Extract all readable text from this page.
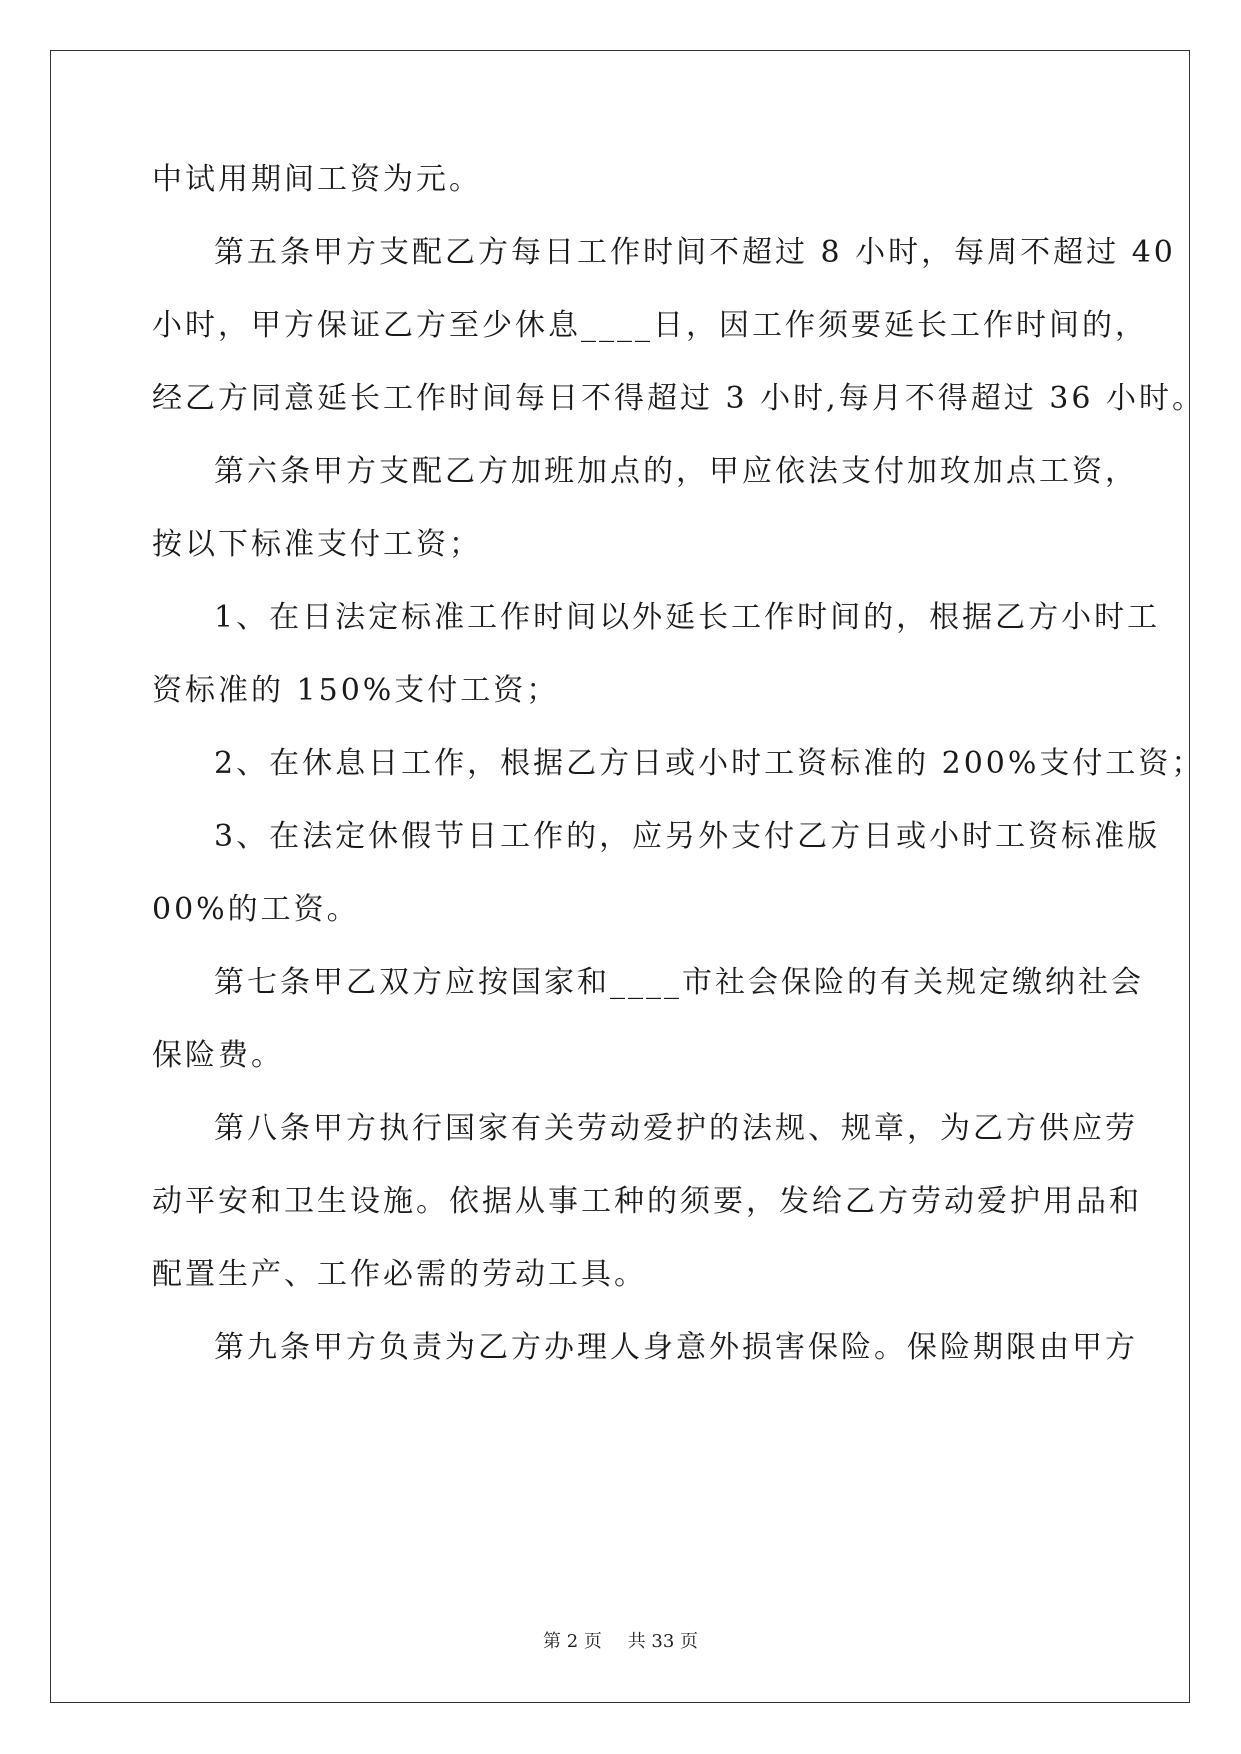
中试用期间工资为元。
第五条甲方支配乙方每日工作时间不超过 8 小时，每周不超过 40
小时，甲方保证乙方至少休息____日，因工作须要延长工作时间的，
经乙方同意延长工作时间每日不得超过 3 小时,每月不得超过 36 小时。
第六条甲方支配乙方加班加点的，甲应依法支付加玫加点工资，
按以下标准支付工资；
1、在日法定标准工作时间以外延长工作时间的，根据乙方小时工
资标准的 150%支付工资；
2、在休息日工作，根据乙方日或小时工资标准的 200%支付工资；
3、在法定休假节日工作的，应另外支付乙方日或小时工资标准版
00%的工资。
第七条甲乙双方应按国家和____市社会保险的有关规定缴纳社会
保险费。
第八条甲方执行国家有关劳动爱护的法规、规章，为乙方供应劳
动平安和卫生设施。依据从事工种的须要，发给乙方劳动爱护用品和
配置生产、工作必需的劳动工具。
第九条甲方负责为乙方办理人身意外损害保险。保险期限由甲方
第 2 页 共 33 页
